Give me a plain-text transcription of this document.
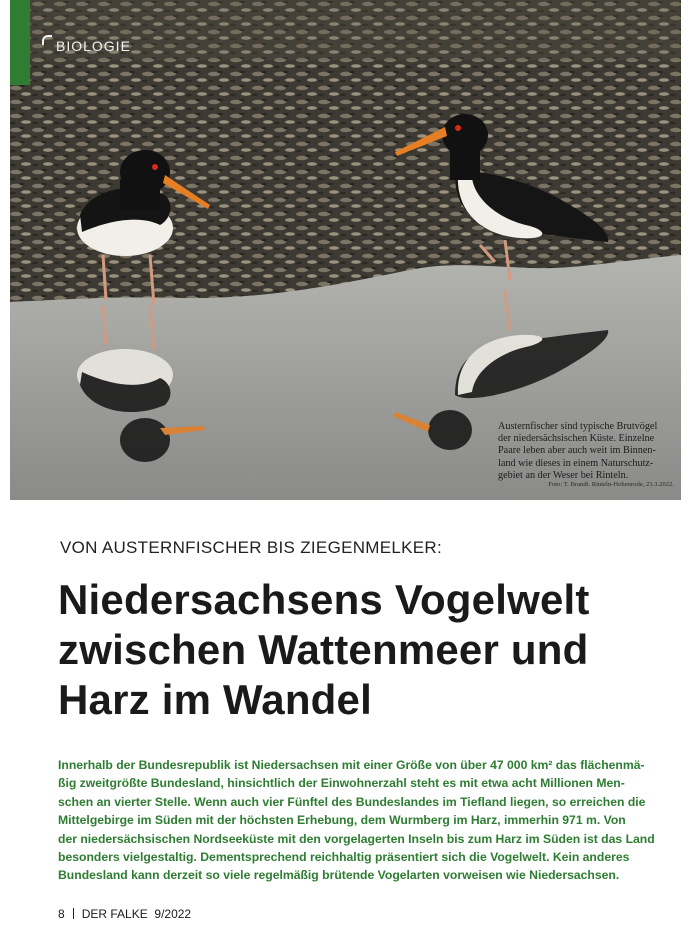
BIOLOGIE
Austernfischer sind typische Brutvögel
der niedersächsischen Küste. Einzelne
Paare leben aber auch weit im Binnen-
land wie dieses in einem Naturschutz-
gebiet an der Weser bei Rinteln.
Foto: T. Brandt. Rinteln-Hohenrode, 23.3.2022.
VON AUSTERNFISCHER BIS ZIEGENMELKER:
Niedersachsens Vogelwelt
zwischen Wattenmeer und
Harz im Wandel
Innerhalb der Bundesrepublik ist Niedersachsen mit einer Größe von über 47 000 km² das flächenmä-
ßig zweitgrößte Bundesland, hinsichtlich der Einwohnerzahl steht es mit etwa acht Millionen Men-
schen an vierter Stelle. Wenn auch vier Fünftel des Bundeslandes im Tiefland liegen, so erreichen die
Mittelgebirge im Süden mit der höchsten Erhebung, dem Wurmberg im Harz, immerhin 971 m. Von
der niedersächsischen Nordseeküste mit den vorgelagerten Inseln bis zum Harz im Süden ist das Land
besonders vielgestaltig. Dementsprechend reichhaltig präsentiert sich die Vogelwelt. Kein anderes
Bundesland kann derzeit so viele regelmäßig brütende Vogelarten vorweisen wie Niedersachsen.
8 DER FALKE 9/2022
